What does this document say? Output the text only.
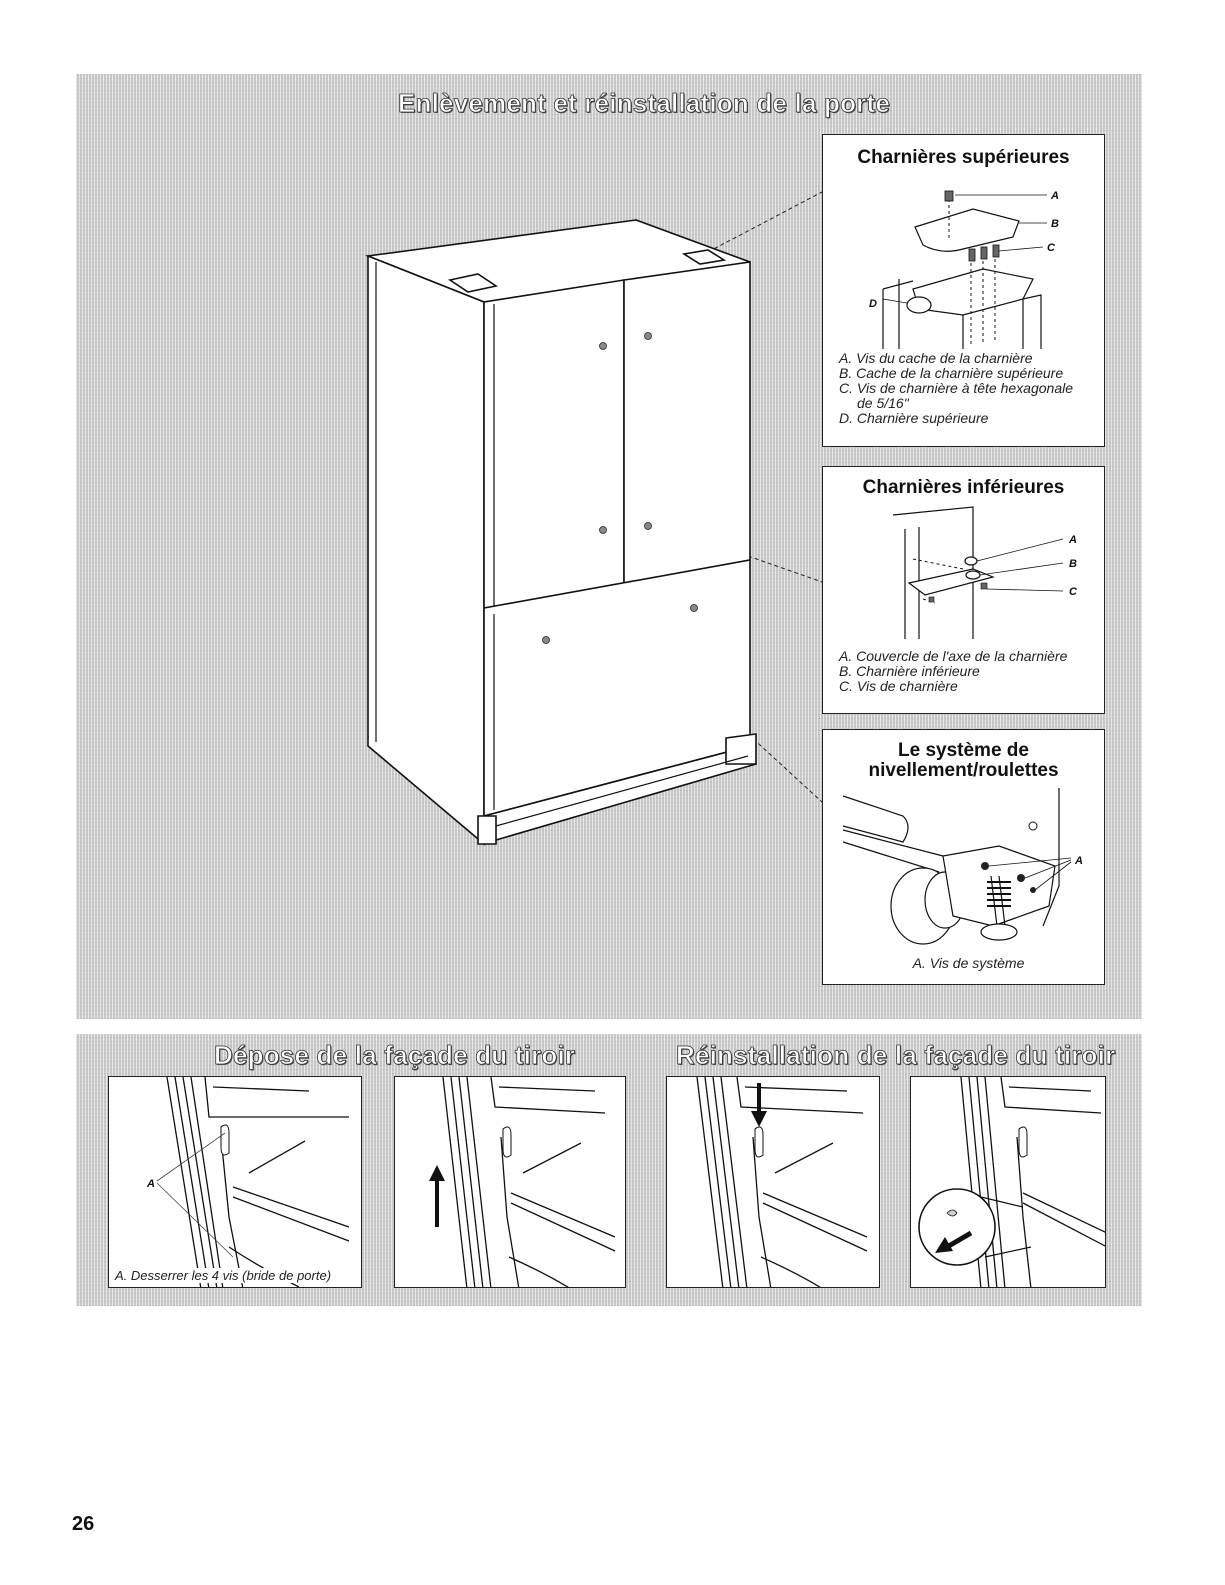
Enlèvement et réinstallation de la porte
Charnières supérieures
A
B
C
D
A. Vis du cache de la charnière
B. Cache de la charnière supérieure
C. Vis de charnière à tête hexagonale
de 5/16"
D. Charnière supérieure
Charnières inférieures
A
B
C
A. Couvercle de l'axe de la charnière
B. Charnière inférieure
C. Vis de charnière
Le système de
nivellement/roulettes
A
A. Vis de système
Dépose de la façade du tiroir	Réinstallation de la façade du tiroir
A
A. Desserrer les 4 vis (bride de porte)
26
